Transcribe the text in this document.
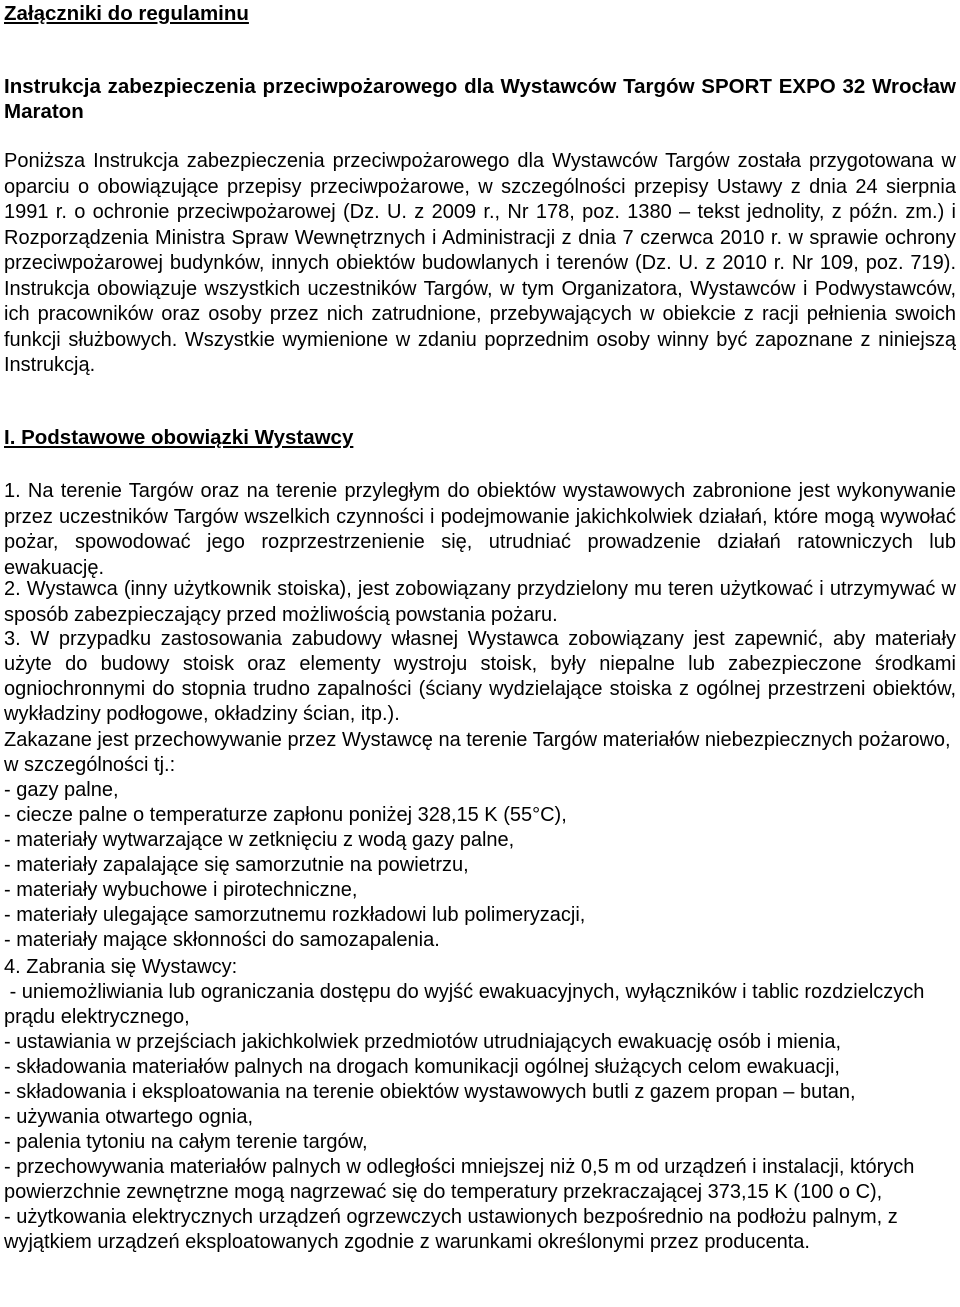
Załączniki do regulaminu
Instrukcja zabezpieczenia przeciwpożarowego dla Wystawców Targów SPORT EXPO 32 Wrocław Maraton

Poniższa Instrukcja zabezpieczenia przeciwpożarowego dla Wystawców Targów została przygotowana w oparciu o obowiązujące przepisy przeciwpożarowe, w szczególności przepisy Ustawy z dnia 24 sierpnia 1991 r. o ochronie przeciwpożarowej (Dz. U. z 2009 r., Nr 178, poz. 1380 – tekst jednolity, z późn. zm.) i Rozporządzenia Ministra Spraw Wewnętrznych i Administracji z dnia 7 czerwca 2010 r. w sprawie ochrony przeciwpożarowej budynków, innych obiektów budowlanych i terenów (Dz. U. z 2010 r. Nr 109, poz. 719). Instrukcja obowiązuje wszystkich uczestników Targów, w tym Organizatora, Wystawców i Podwystawców, ich pracowników oraz osoby przez nich zatrudnione, przebywających w obiekcie z racji pełnienia swoich funkcji służbowych. Wszystkie wymienione w zdaniu poprzednim osoby winny być zapoznane z niniejszą Instrukcją.

I. Podstawowe obowiązki Wystawcy

1. Na terenie Targów oraz na terenie przyległym do obiektów wystawowych zabronione jest wykonywanie przez uczestników Targów wszelkich czynności i podejmowanie jakichkolwiek działań, które mogą wywołać pożar, spowodować jego rozprzestrzenienie się, utrudniać prowadzenie działań ratowniczych lub ewakuację.

2. Wystawca (inny użytkownik stoiska), jest zobowiązany przydzielony mu teren użytkować i utrzymywać w sposób zabezpieczający przed możliwością powstania pożaru.

3. W przypadku zastosowania zabudowy własnej Wystawca zobowiązany jest zapewnić, aby materiały użyte do budowy stoisk oraz elementy wystroju stoisk, były niepalne lub zabezpieczone środkami ogniochronnymi do stopnia trudno zapalności (ściany wydzielające stoiska z ogólnej przestrzeni obiektów, wykładziny podłogowe, okładziny ścian, itp.).

Zakazane jest przechowywanie przez Wystawcę na terenie Targów materiałów niebezpiecznych pożarowo, w szczególności tj.:

- gazy palne,
- ciecze palne o temperaturze zapłonu poniżej 328,15 K (55°C),
- materiały wytwarzające w zetknięciu z wodą gazy palne,
- materiały zapalające się samorzutnie na powietrzu,
- materiały wybuchowe i pirotechniczne,
- materiały ulegające samorzutnemu rozkładowi lub polimeryzacji,
- materiały mające skłonności do samozapalenia.

4. Zabrania się Wystawcy:

- uniemożliwiania lub ograniczania dostępu do wyjść ewakuacyjnych, wyłączników i tablic rozdzielczych prądu elektrycznego,
- ustawiania w przejściach jakichkolwiek przedmiotów utrudniających ewakuację osób i mienia,
- składowania materiałów palnych na drogach komunikacji ogólnej służących celom ewakuacji,
- składowania i eksploatowania na terenie obiektów wystawowych butli z gazem propan – butan,
- używania otwartego ognia,
- palenia tytoniu na całym terenie targów,
- przechowywania materiałów palnych w odległości mniejszej niż 0,5 m od urządzeń i instalacji, których powierzchnie zewnętrzne mogą nagrzewać się do temperatury przekraczającej 373,15 K (100 o C),
- użytkowania elektrycznych urządzeń ogrzewczych ustawionych bezpośrednio na podłożu palnym, z wyjątkiem urządzeń eksploatowanych zgodnie z warunkami określonymi przez producenta.
